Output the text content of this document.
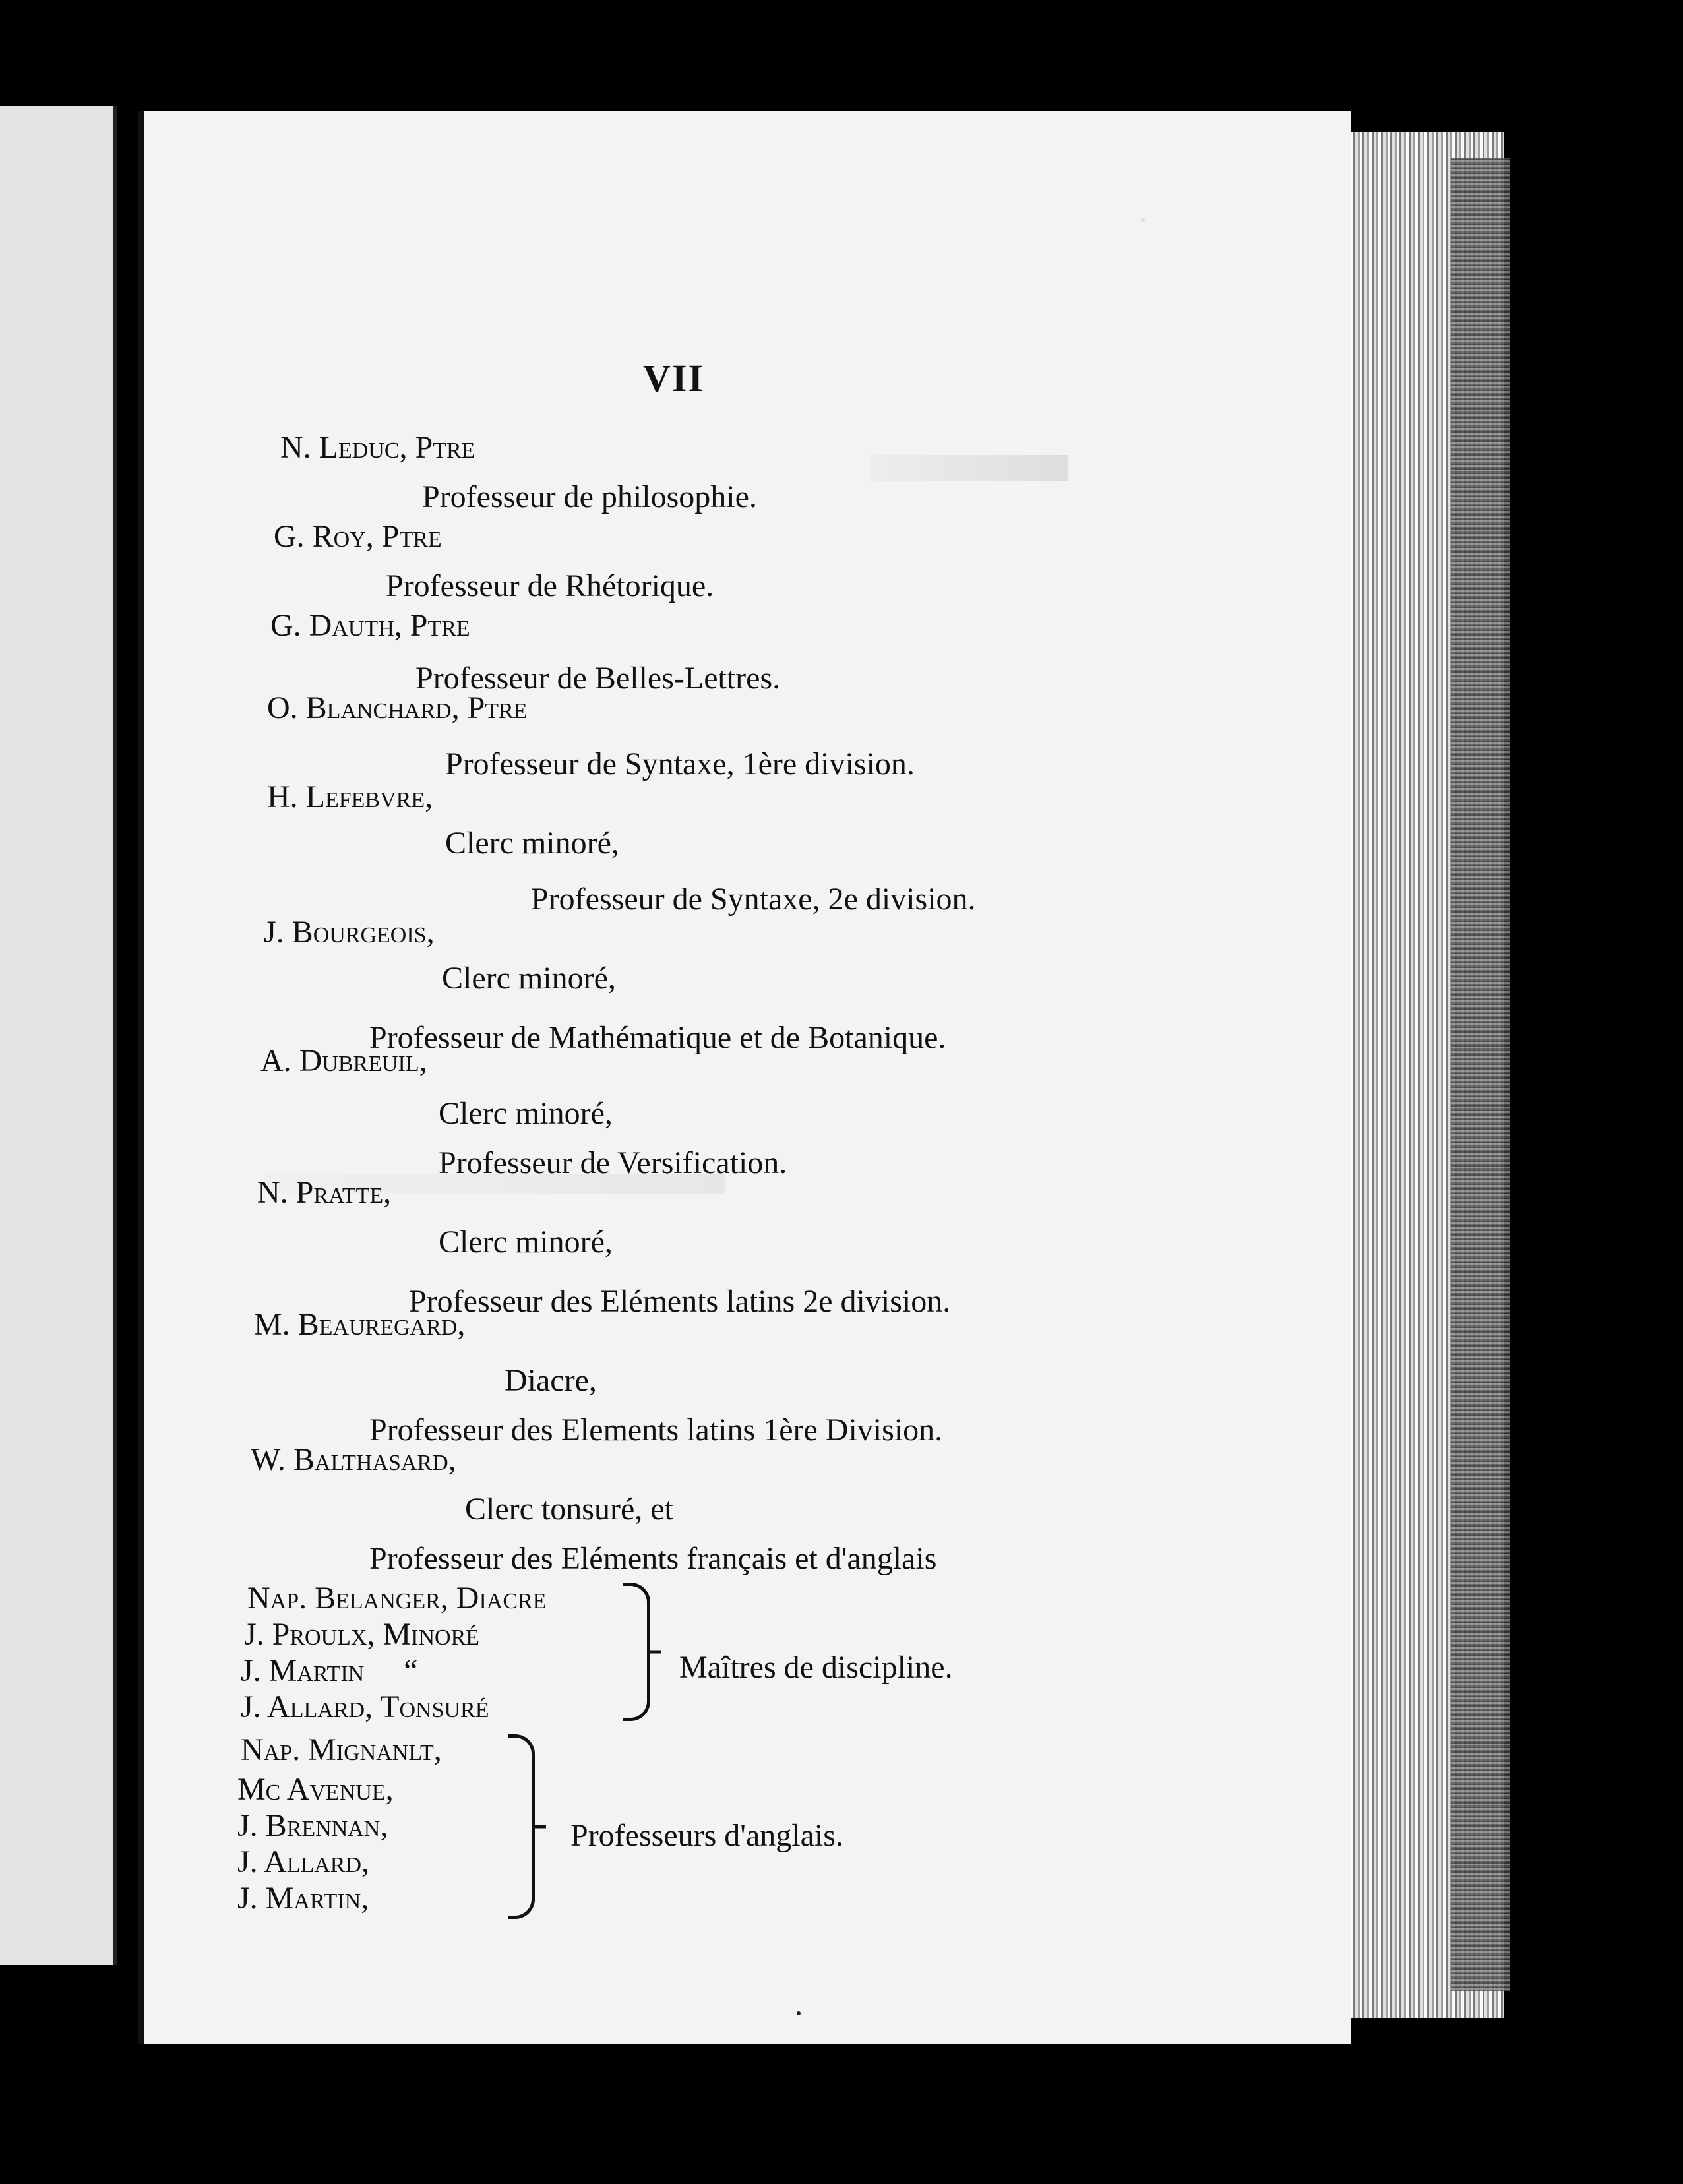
VII
N. Leduc, Ptre
Professeur de philosophie.
G. Roy, Ptre
Professeur de Rhétorique.
G. Dauth, Ptre
Professeur de Belles-Lettres.
O. Blanchard, Ptre
Professeur de Syntaxe, 1ère division.
H. Lefebvre,
Clerc minoré,
Professeur de Syntaxe, 2e division.
J. Bourgeois,
Clerc minoré,
Professeur de Mathématique et de Botanique.
A. Dubreuil,
Clerc minoré,
Professeur de Versification.
N. Pratte,
Clerc minoré,
Professeur des Eléments latins 2e division.
M. Beauregard,
Diacre,
Professeur des Elements latins 1ère Division.
W. Balthasard,
Clerc tonsuré, et
Professeur des Eléments français et d'anglais
Nap. Belanger, Diacre
J. Proulx, Minoré
J. Martin     “
J. Allard, Tonsuré
Maîtres de discipline.
Nap. Mignanlt,
Mc Avenue,
J. Brennan,
J. Allard,
J. Martin,
Professeurs d'anglais.
